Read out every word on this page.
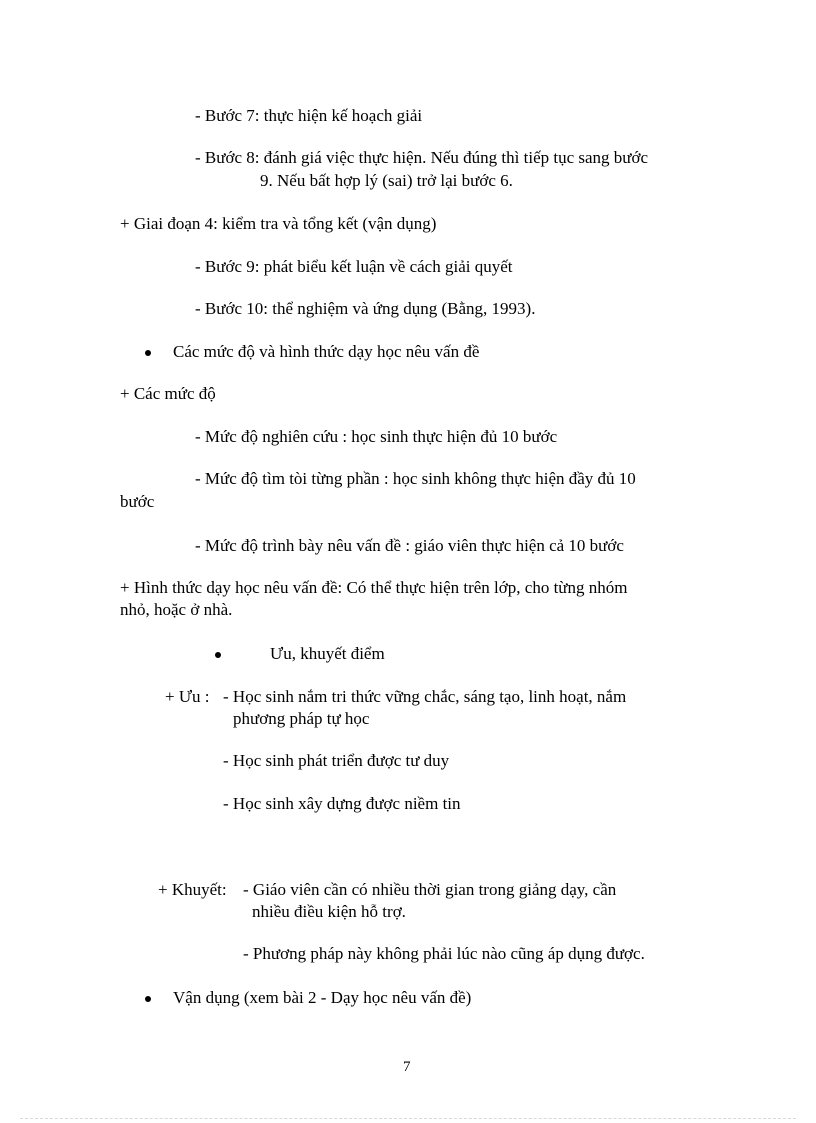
- Bước 7: thực hiện kế hoạch giải
- Bước 8: đánh giá việc thực hiện. Nếu đúng thì tiếp tục sang bước
9. Nếu bất hợp lý (sai) trở lại bước 6.
+ Giai đoạn 4: kiểm tra và tổng kết (vận dụng)
- Bước 9: phát biểu kết luận về cách giải quyết
- Bước 10: thể nghiệm và ứng dụng (Bằng, 1993).
Các mức độ và hình thức dạy học nêu vấn đề
+ Các mức độ
- Mức độ nghiên cứu : học sinh thực hiện đủ 10 bước
- Mức độ tìm tòi từng phần : học sinh không thực hiện đầy đủ 10
bước
- Mức độ trình bày nêu vấn đề : giáo viên thực hiện cả 10 bước
+ Hình thức dạy học nêu vấn đề: Có thể thực hiện trên lớp, cho từng nhóm
nhỏ, hoặc ở nhà.
Ưu, khuyết điểm
+ Ưu : - Học sinh nắm tri thức vững chắc, sáng tạo, linh hoạt, nắm
phương pháp tự học
- Học sinh phát triển được tư duy
- Học sinh xây dựng được niềm tin
+ Khuyết: - Giáo viên cần có nhiều thời gian trong giảng dạy, cần
nhiều điều kiện hỗ trợ.
- Phương pháp này không phải lúc nào cũng áp dụng được.
Vận dụng (xem bài 2 - Dạy học nêu vấn đề)
7
